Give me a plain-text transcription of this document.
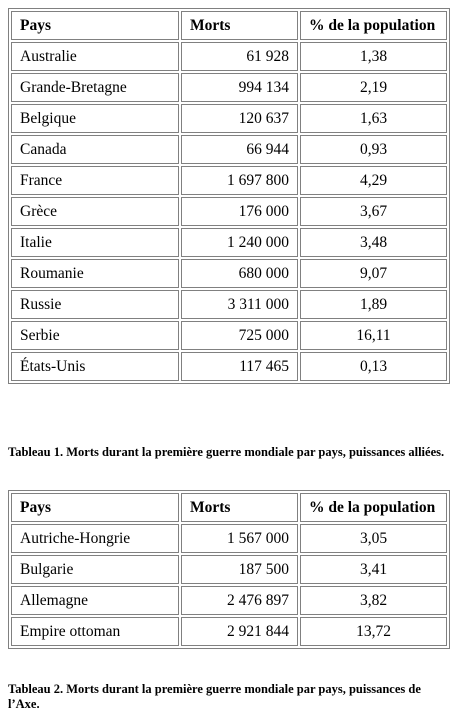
Pays	Morts	% de la population
Australie	61 928	1,38
Grande-Bretagne	994 134	2,19
Belgique	120 637	1,63
Canada	66 944	0,93
France	1 697 800	4,29
Grèce	176 000	3,67
Italie	1 240 000	3,48
Roumanie	680 000	9,07
Russie	3 311 000	1,89
Serbie	725 000	16,11
États-Unis	117 465	0,13
Tableau 1. Morts durant la première guerre mondiale par pays, puissances alliées.
Pays	Morts	% de la population
Autriche-Hongrie	1 567 000	3,05
Bulgarie	187 500	3,41
Allemagne	2 476 897	3,82
Empire ottoman	2 921 844	13,72
Tableau 2. Morts durant la première guerre mondiale par pays, puissances de l’Axe.
